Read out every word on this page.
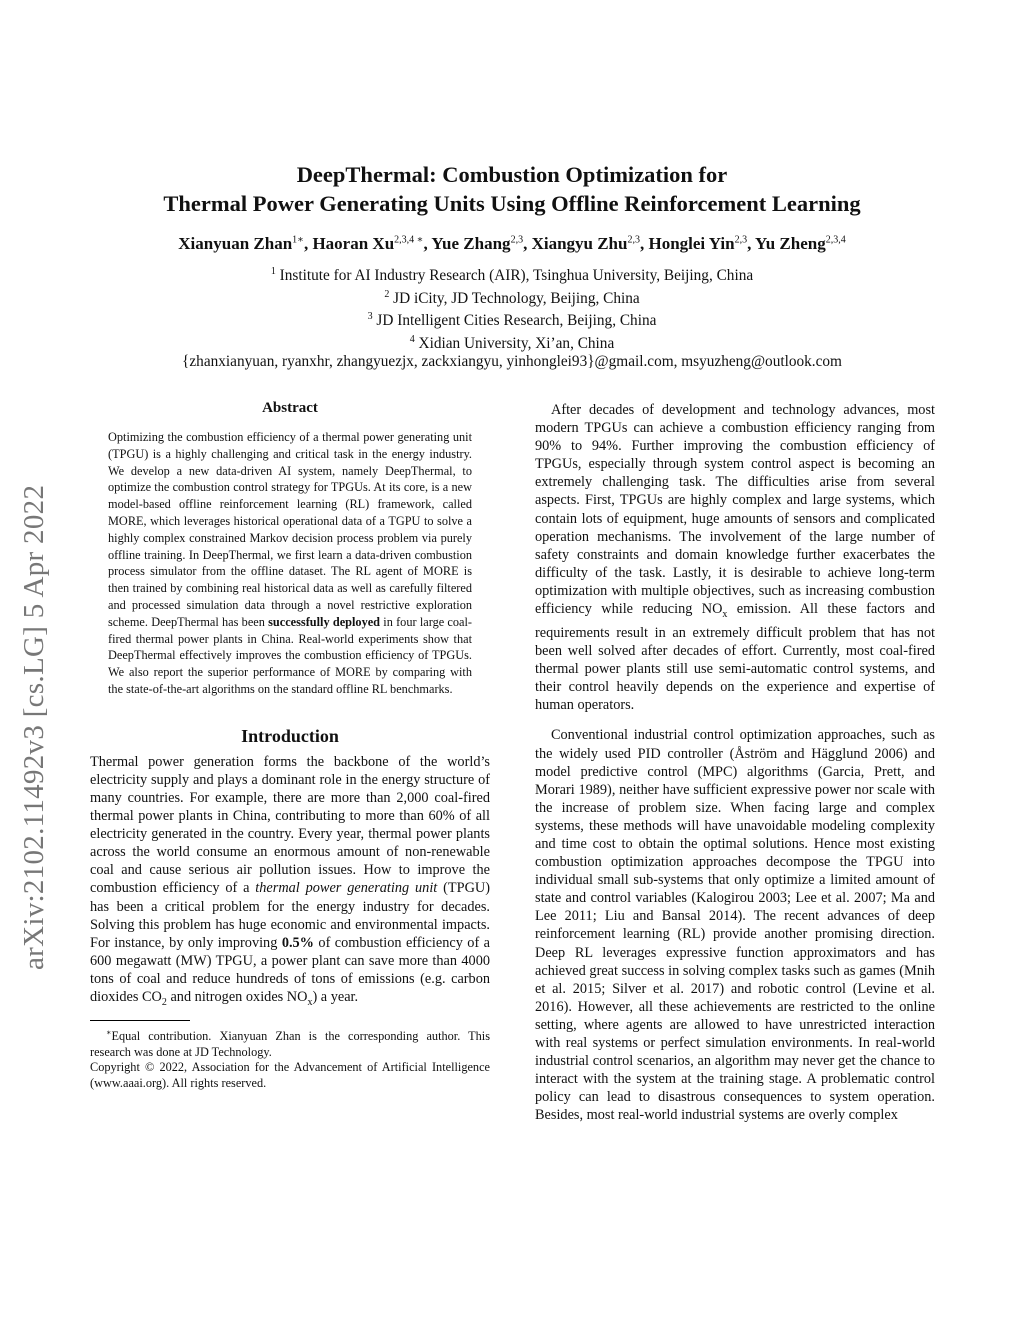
arXiv:2102.11492v3 [cs.LG] 5 Apr 2022
DeepThermal: Combustion Optimization for
Thermal Power Generating Units Using Offline Reinforcement Learning
Xianyuan Zhan$^{1∗}$, Haoran $Xu^{2,3,4 ∗}$, Yue Zhang$^{2,3}$, Xiangyu Zhu$^{2,3}$, Honglei Yin$^{2,3}$, Yu Zheng$^{2,3,4}$
$^1$ Institute for AI Industry Research (AIR), Tsinghua University, Beijing, China
$^2$ JD iCity, JD Technology, Beijing, China
$^3$ JD Intelligent Cities Research, Beijing, China
$^4$ Xidian University, Xi’an, China
{zhanxianyuan, ryanxhr, zhangyuezjx, zackxiangyu, yinhonglei93}@gmail.com, msyuzheng@outlook.com
Abstract

Optimizing the combustion efficiency of a thermal power generating unit (TPGU) is a highly challenging and critical task in the energy industry. We develop a new data-driven AI system, namely DeepThermal, to optimize the combustion control strategy for TPGUs. At its core, is a new model-based offline reinforcement learning (RL) framework, called MORE, which leverages historical operational data of a TGPU to solve a highly complex constrained Markov decision process problem via purely offline training. In DeepThermal, we first learn a data-driven combustion process simulator from the offline dataset. The RL agent of MORE is then trained by combining real historical data as well as carefully filtered and processed simulation data through a novel restrictive exploration scheme. DeepThermal has been successfully deployed in four large coal-fired thermal power plants in China. Real-world experiments show that DeepThermal effectively improves the combustion efficiency of TPGUs. We also report the superior performance of MORE by comparing with the state-of-the-art algorithms on the standard offline RL benchmarks.

Introduction

Thermal power generation forms the backbone of the world’s electricity supply and plays a dominant role in the energy structure of many countries. For example, there are more than 2,000 coal-fired thermal power plants in China, contributing to more than 60% of all electricity generated in the country. Every year, thermal power plants across the world consume an enormous amount of non-renewable coal and cause serious air pollution issues. How to improve the combustion efficiency of a thermal power generating unit (TPGU) has been a critical problem for the energy industry for decades. Solving this problem has huge economic and environmental impacts. For instance, by only improving 0.5% of combustion efficiency of a 600 megawatt (MW) TPGU, a power plant can save more than 4000 tons of coal and reduce hundreds of tons of emissions (e.g. carbon dioxides $CO_2$ and nitrogen oxides $NO_x$) a year.

∗Equal contribution. Xianyuan Zhan is the corresponding author. This research was done at JD Technology.

Copyright © 2022, Association for the Advancement of Artificial Intelligence (www.aaai.org). All rights reserved.

After decades of development and technology advances, most modern TPGUs can achieve a combustion efficiency ranging from 90% to 94%. Further improving the combustion efficiency of TPGUs, especially through system control aspect is becoming an extremely challenging task. The difficulties arise from several aspects. First, TPGUs are highly complex and large systems, which contain lots of equipment, huge amounts of sensors and complicated operation mechanisms. The involvement of the large number of safety constraints and domain knowledge further exacerbates the difficulty of the task. Lastly, it is desirable to achieve long-term optimization with multiple objectives, such as increasing combustion efficiency while reducing $NO_x$ emission. All these factors and requirements result in an extremely difficult problem that has not been well solved after decades of effort. Currently, most coal-fired thermal power plants still use semi-automatic control systems, and their control heavily depends on the experience and expertise of human operators.

Conventional industrial control optimization approaches, such as the widely used PID controller (Åström and Hägglund 2006) and model predictive control (MPC) algorithms (Garcia, Prett, and Morari 1989), neither have sufficient expressive power nor scale with the increase of problem size. When facing large and complex systems, these methods will have unavoidable modeling complexity and time cost to obtain the optimal solutions. Hence most existing combustion optimization approaches decompose the TPGU into individual small sub-systems that only optimize a limited amount of state and control variables (Kalogirou 2003; Lee et al. 2007; Ma and Lee 2011; Liu and Bansal 2014). The recent advances of deep reinforcement learning (RL) provide another promising direction. Deep RL leverages expressive function approximators and has achieved great success in solving complex tasks such as games (Mnih et al. 2015; Silver et al. 2017) and robotic control (Levine et al. 2016). However, all these achievements are restricted to the online setting, where agents are allowed to have unrestricted interaction with real systems or perfect simulation environments. In real-world industrial control scenarios, an algorithm may never get the chance to interact with the system at the training stage. A problematic control policy can lead to disastrous consequences to system operation. Besides, most real-world industrial systems are overly complex
